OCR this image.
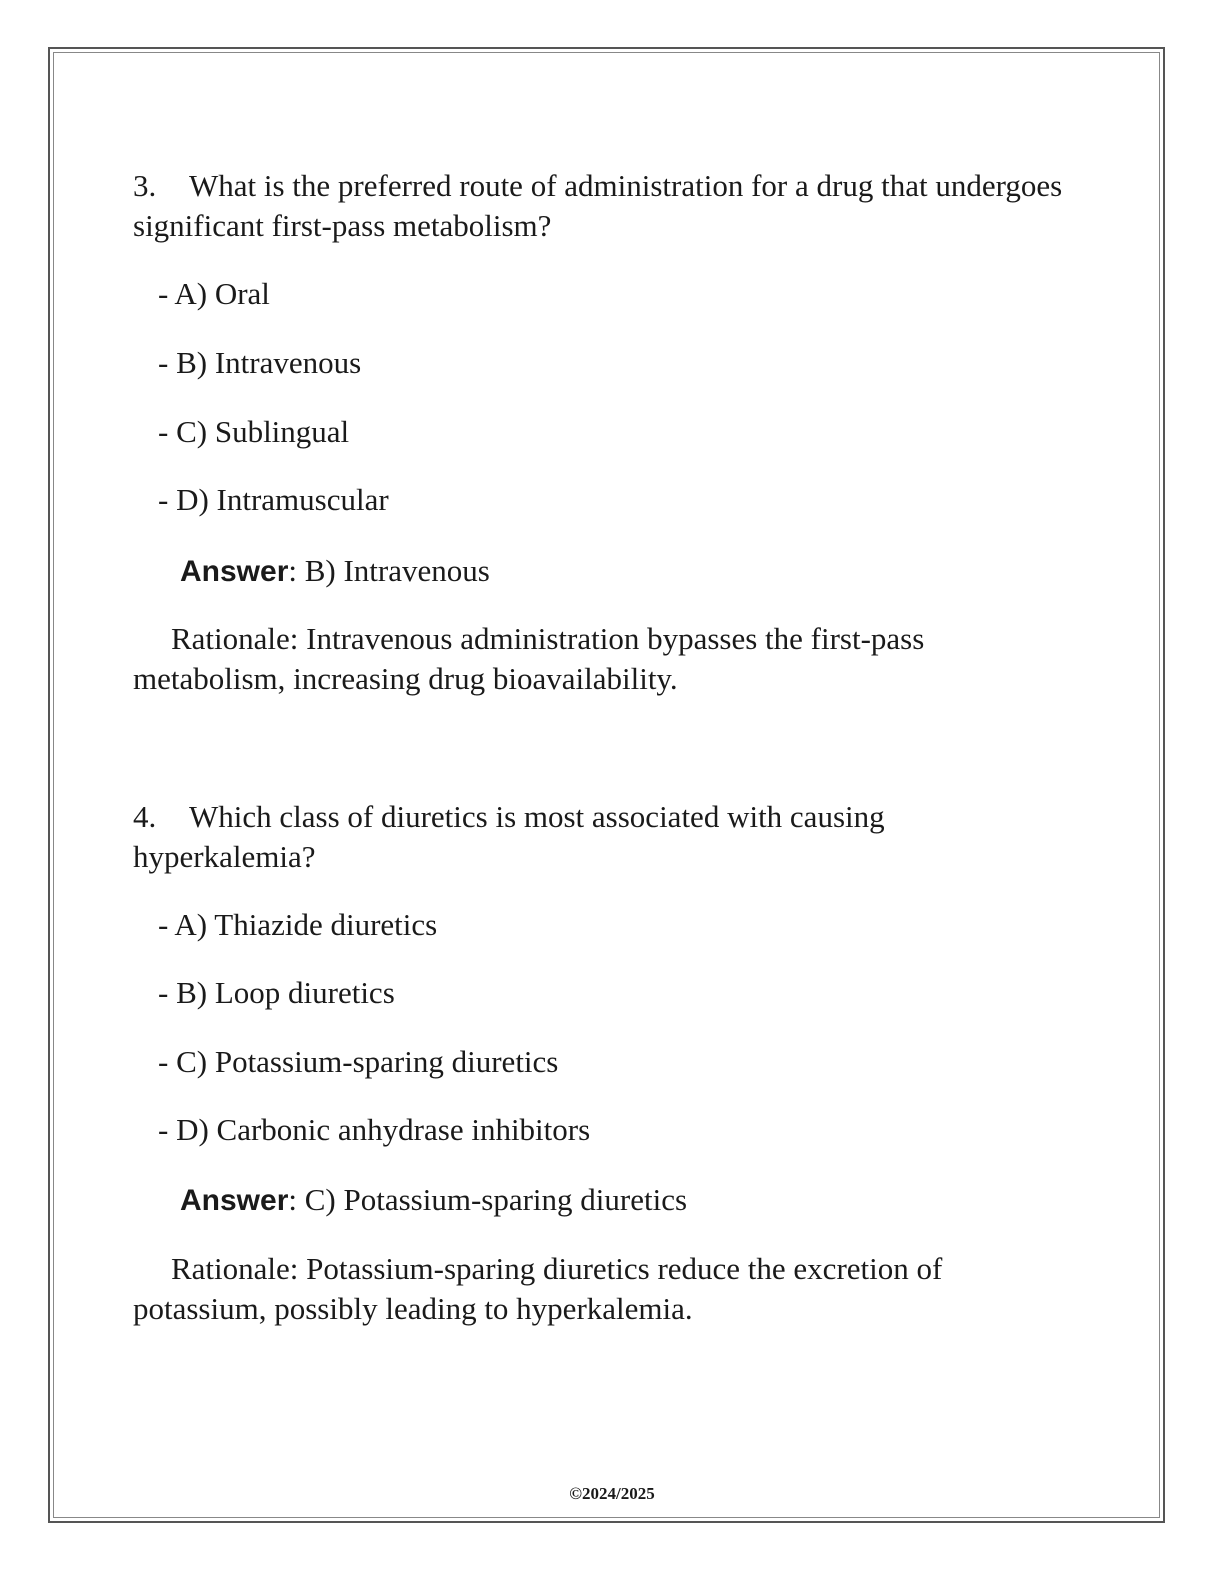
3. What is the preferred route of administration for a drug that undergoes significant first-pass metabolism?

- A) Oral

- B) Intravenous

- C) Sublingual

- D) Intramuscular

Answer: B) Intravenous

Rationale: Intravenous administration bypasses the first-pass metabolism, increasing drug bioavailability.

4. Which class of diuretics is most associated with causing hyperkalemia?

- A) Thiazide diuretics

- B) Loop diuretics

- C) Potassium-sparing diuretics

- D) Carbonic anhydrase inhibitors

Answer: C) Potassium-sparing diuretics

Rationale: Potassium-sparing diuretics reduce the excretion of potassium, possibly leading to hyperkalemia.

©2024/2025
